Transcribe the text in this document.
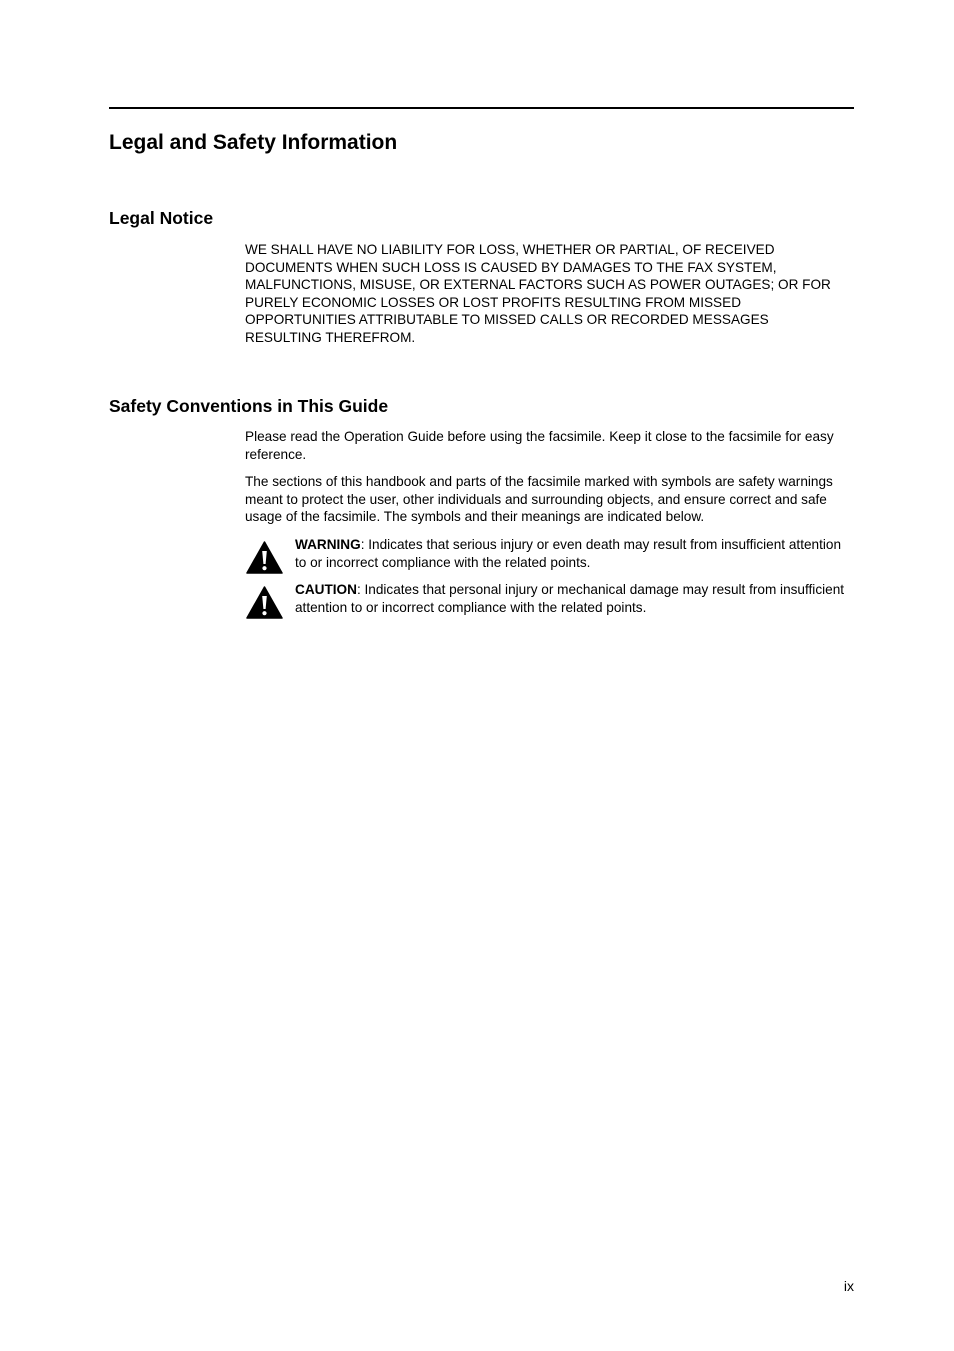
Legal and Safety Information
Legal Notice

WE SHALL HAVE NO LIABILITY FOR LOSS, WHETHER OR PARTIAL, OF RECEIVED DOCUMENTS WHEN SUCH LOSS IS CAUSED BY DAMAGES TO THE FAX SYSTEM, MALFUNCTIONS, MISUSE, OR EXTERNAL FACTORS SUCH AS POWER OUTAGES; OR FOR PURELY ECONOMIC LOSSES OR LOST PROFITS RESULTING FROM MISSED OPPORTUNITIES ATTRIBUTABLE TO MISSED CALLS OR RECORDED MESSAGES RESULTING THEREFROM.

Safety Conventions in This Guide

Please read the Operation Guide before using the facsimile. Keep it close to the facsimile for easy reference.

The sections of this handbook and parts of the facsimile marked with symbols are safety warnings meant to protect the user, other individuals and surrounding objects, and ensure correct and safe usage of the facsimile. The symbols and their meanings are indicated below.

WARNING: Indicates that serious injury or even death may result from insufficient attention to or incorrect compliance with the related points.

CAUTION: Indicates that personal injury or mechanical damage may result from insufficient attention to or incorrect compliance with the related points.

ix
